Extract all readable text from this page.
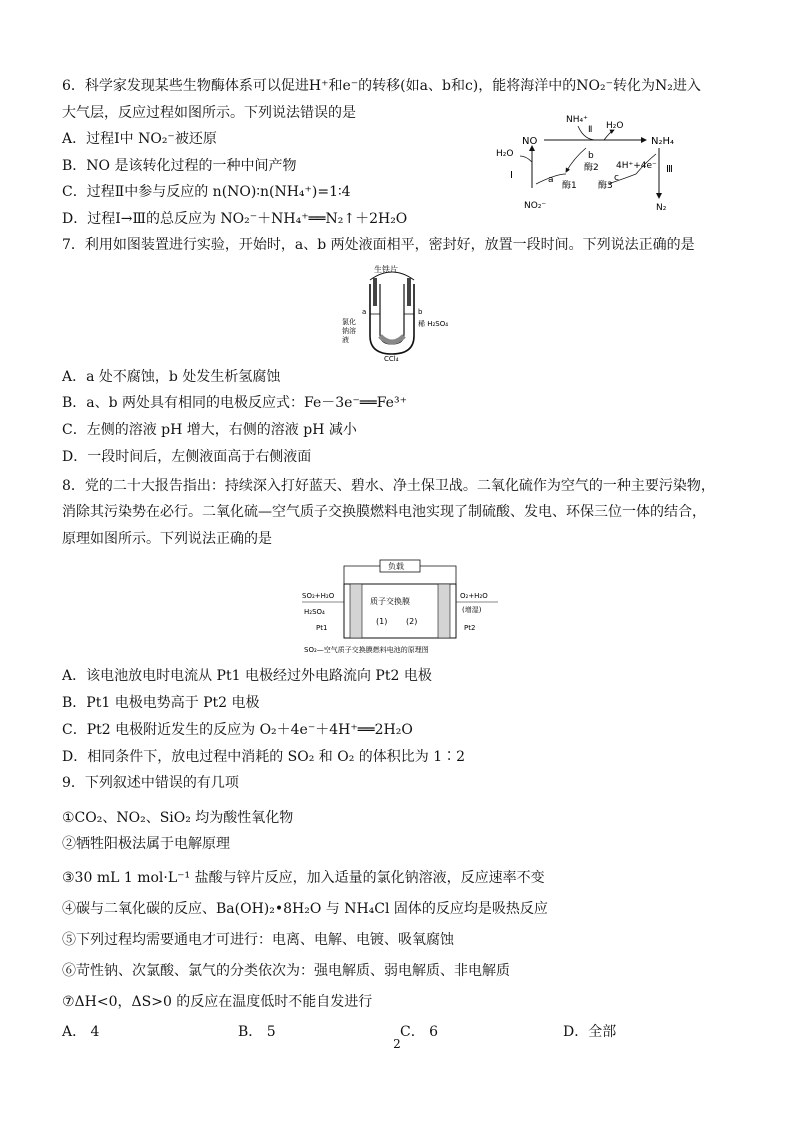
6．科学家发现某些生物酶体系可以促进H⁺和e⁻的转移(如a、b和c)，能将海洋中的NO₂⁻转化为N₂进入
大气层，反应过程如图所示。下列说法错误的是
A．过程Ⅰ中 NO₂⁻被还原
B．NO 是该转化过程的一种中间产物
C．过程Ⅱ中参与反应的 n(NO)∶n(NH₄⁺)=1∶4
D．过程Ⅰ→Ⅲ的总反应为 NO₂⁻＋NH₄⁺══N₂↑＋2H₂O
NH₄⁺
Ⅱ H₂O
NO	N₂H₄
H₂O	b
酶2 4H⁺+4e⁻ Ⅲ
Ⅰ	a
酶1
c
酶3
NO₂⁻	N₂
7．利用如图装置进行实验，开始时，a、b 两处液面相平，密封好，放置一段时间。下列说法正确的是
生铁片
a	b
氯化
钠溶
液
稀 H₂SO₄
CCl₄
A．a 处不腐蚀，b 处发生析氢腐蚀
B．a、b 两处具有相同的电极反应式：Fe－3e⁻══Fe³⁺
C．左侧的溶液 pH 增大，右侧的溶液 pH 减小
D．一段时间后，左侧液面高于右侧液面
8．党的二十大报告指出：持续深入打好蓝天、碧水、净土保卫战。二氧化硫作为空气的一种主要污染物，
消除其污染势在必行。二氧化硫—空气质子交换膜燃料电池实现了制硫酸、发电、环保三位一体的结合，
原理如图所示。下列说法正确的是
负载
质子交换膜
(1) (2)
SO₂+H₂O
H₂SO₄
Pt1
O₂+H₂O
(增湿)
Pt2
SO₂—空气质子交换膜燃料电池的原理图
A．该电池放电时电流从 Pt1 电极经过外电路流向 Pt2 电极
B．Pt1 电极电势高于 Pt2 电极
C．Pt2 电极附近发生的反应为 O₂＋4e⁻＋4H⁺══2H₂O
D．相同条件下，放电过程中消耗的 SO₂ 和 O₂ 的体积比为 1∶2
9．下列叙述中错误的有几项
①CO₂、NO₂、SiO₂ 均为酸性氧化物
②牺牲阳极法属于电解原理
③30 mL 1 mol·L⁻¹ 盐酸与锌片反应，加入适量的氯化钠溶液，反应速率不变
④碳与二氧化碳的反应、Ba(OH)₂•8H₂O 与 NH₄Cl 固体的反应均是吸热反应
⑤下列过程均需要通电才可进行：电离、电解、电镀、吸氧腐蚀
⑥苛性钠、次氯酸、氯气的分类依次为：强电解质、弱电解质、非电解质
⑦ΔH<0，ΔS>0 的反应在温度低时不能自发进行
A． 4	B． 5	C． 6	D．全部
2
